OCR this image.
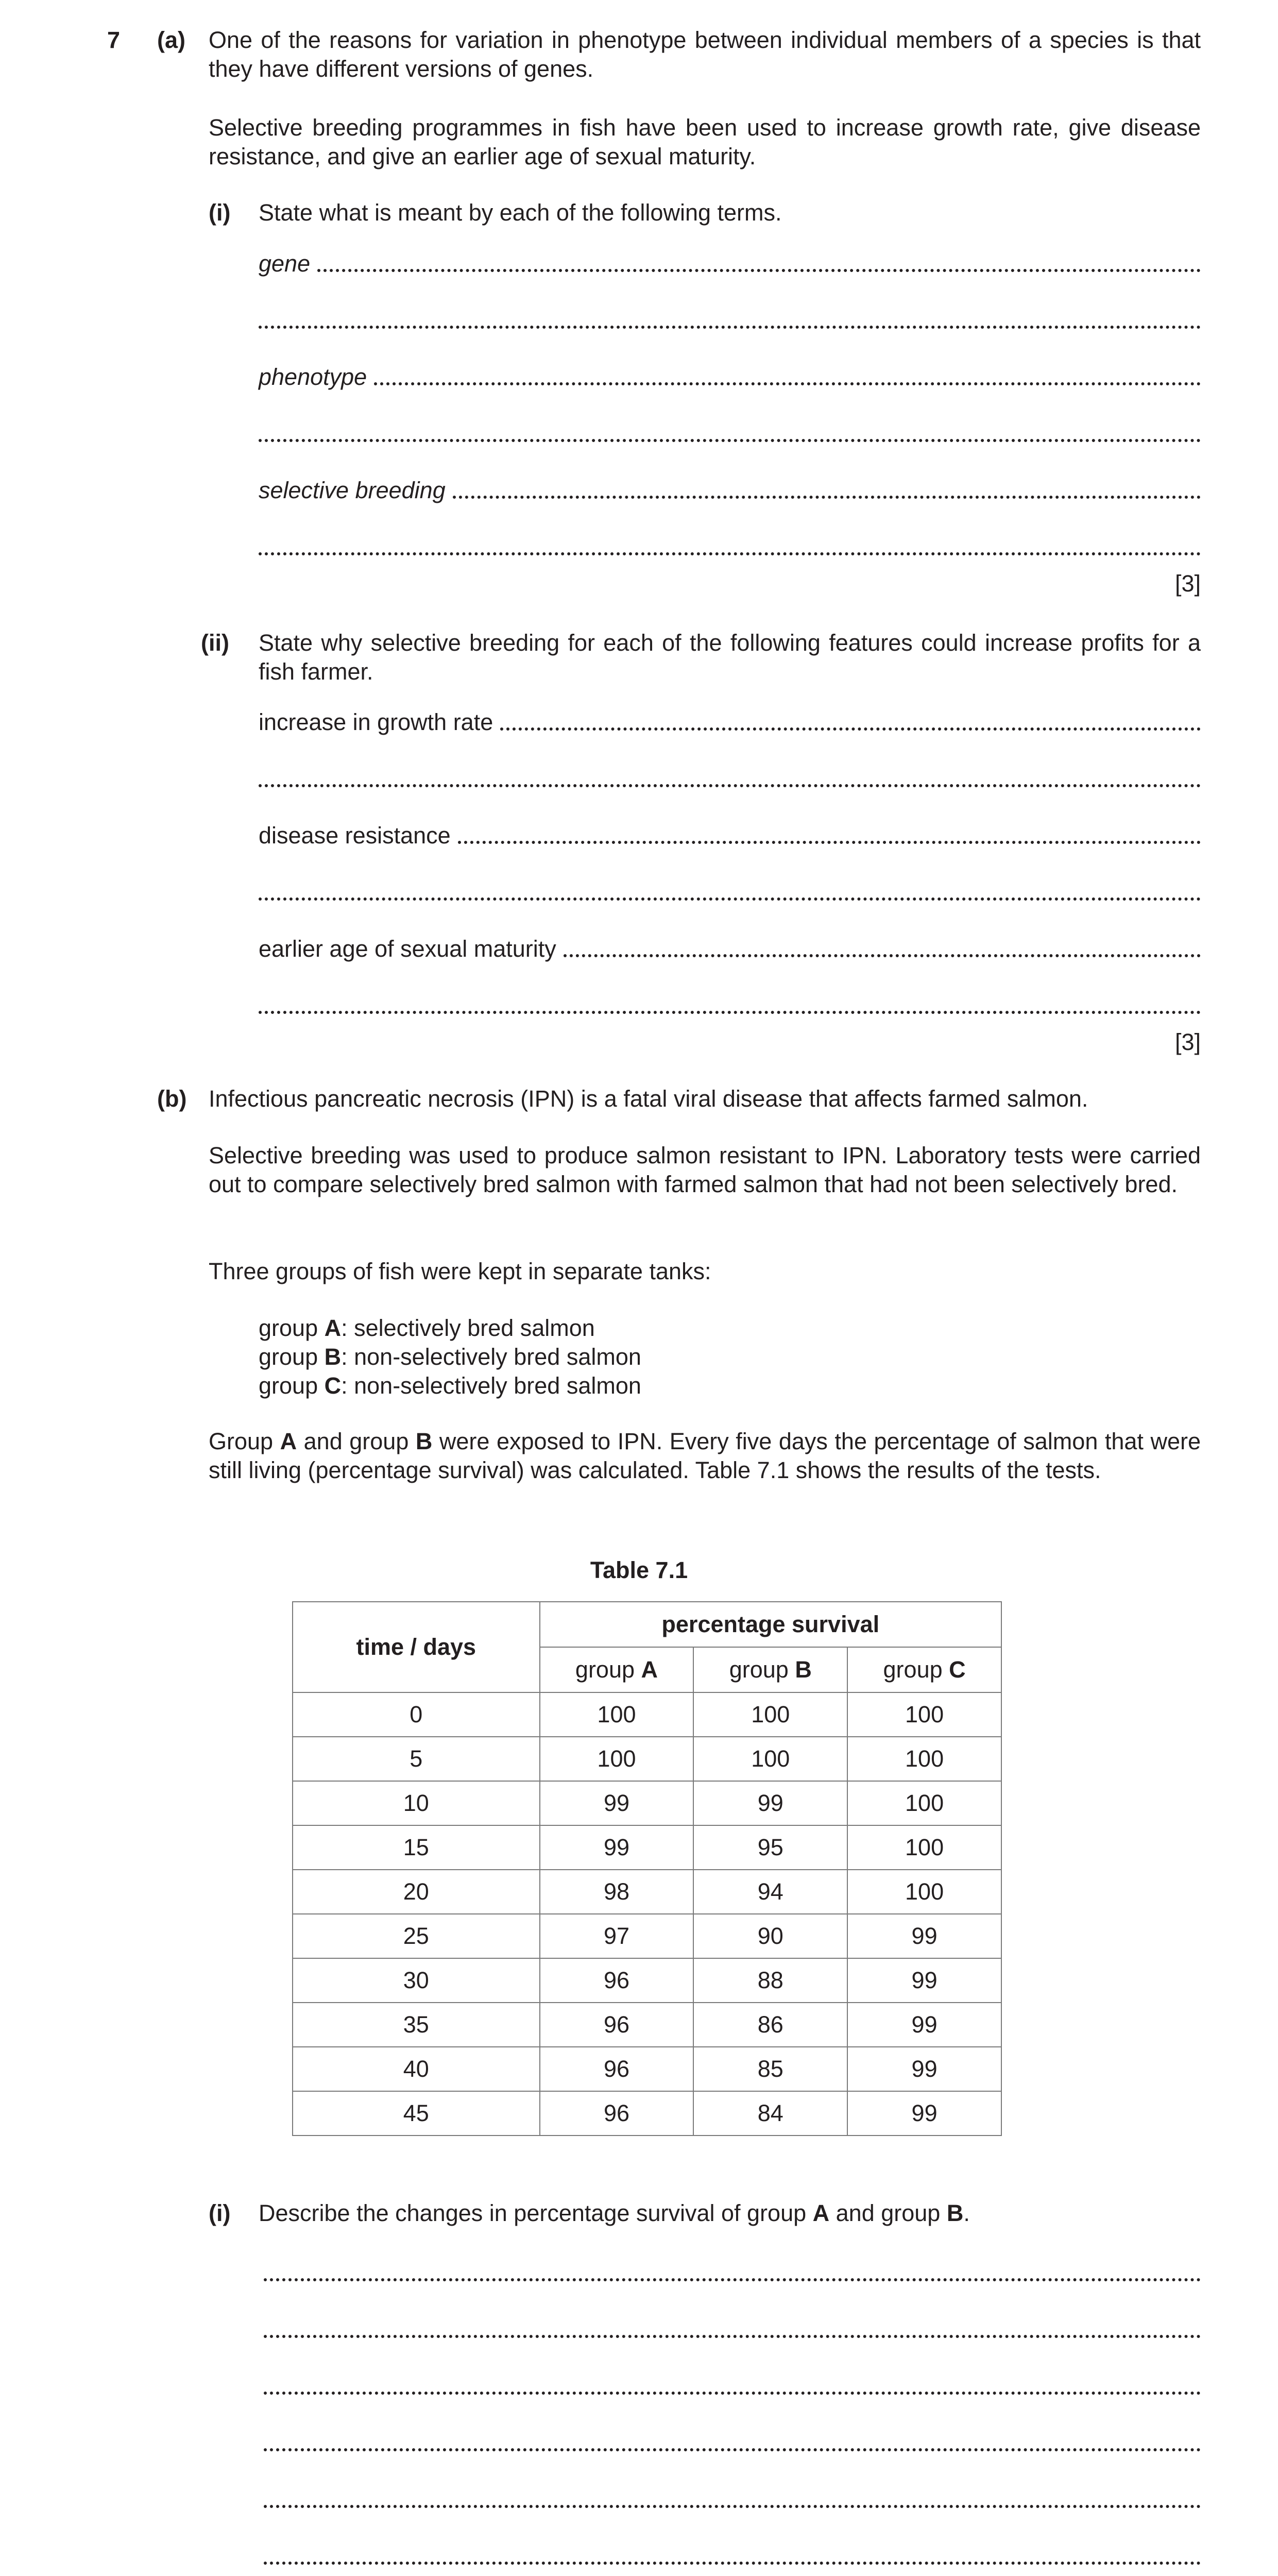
7 (a) One of the reasons for variation in phenotype between individual members of a species is that they have different versions of genes.
Selective breeding programmes in fish have been used to increase growth rate, give disease resistance, and give an earlier age of sexual maturity.
(i) State what is meant by each of the following terms.
gene
phenotype
selective breeding
[3]
(ii) State why selective breeding for each of the following features could increase profits for a fish farmer.
increase in growth rate
disease resistance
earlier age of sexual maturity
[3]
(b) Infectious pancreatic necrosis (IPN) is a fatal viral disease that affects farmed salmon.
Selective breeding was used to produce salmon resistant to IPN. Laboratory tests were carried out to compare selectively bred salmon with farmed salmon that had not been selectively bred.
Three groups of fish were kept in separate tanks:
group A: selectively bred salmon
group B: non-selectively bred salmon
group C: non-selectively bred salmon
Group A and group B were exposed to IPN. Every five days the percentage of salmon that were still living (percentage survival) was calculated. Table 7.1 shows the results of the tests.
Table 7.1
time / days	percentage survival		
	group A	group B	group C
0	100	100	100
5	100	100	100
10	99	99	100
15	99	95	100
20	98	94	100
25	97	90	99
30	96	88	99
35	96	86	99
40	96	85	99
45	96	84	99
(i) Describe the changes in percentage survival of group A and group B.
